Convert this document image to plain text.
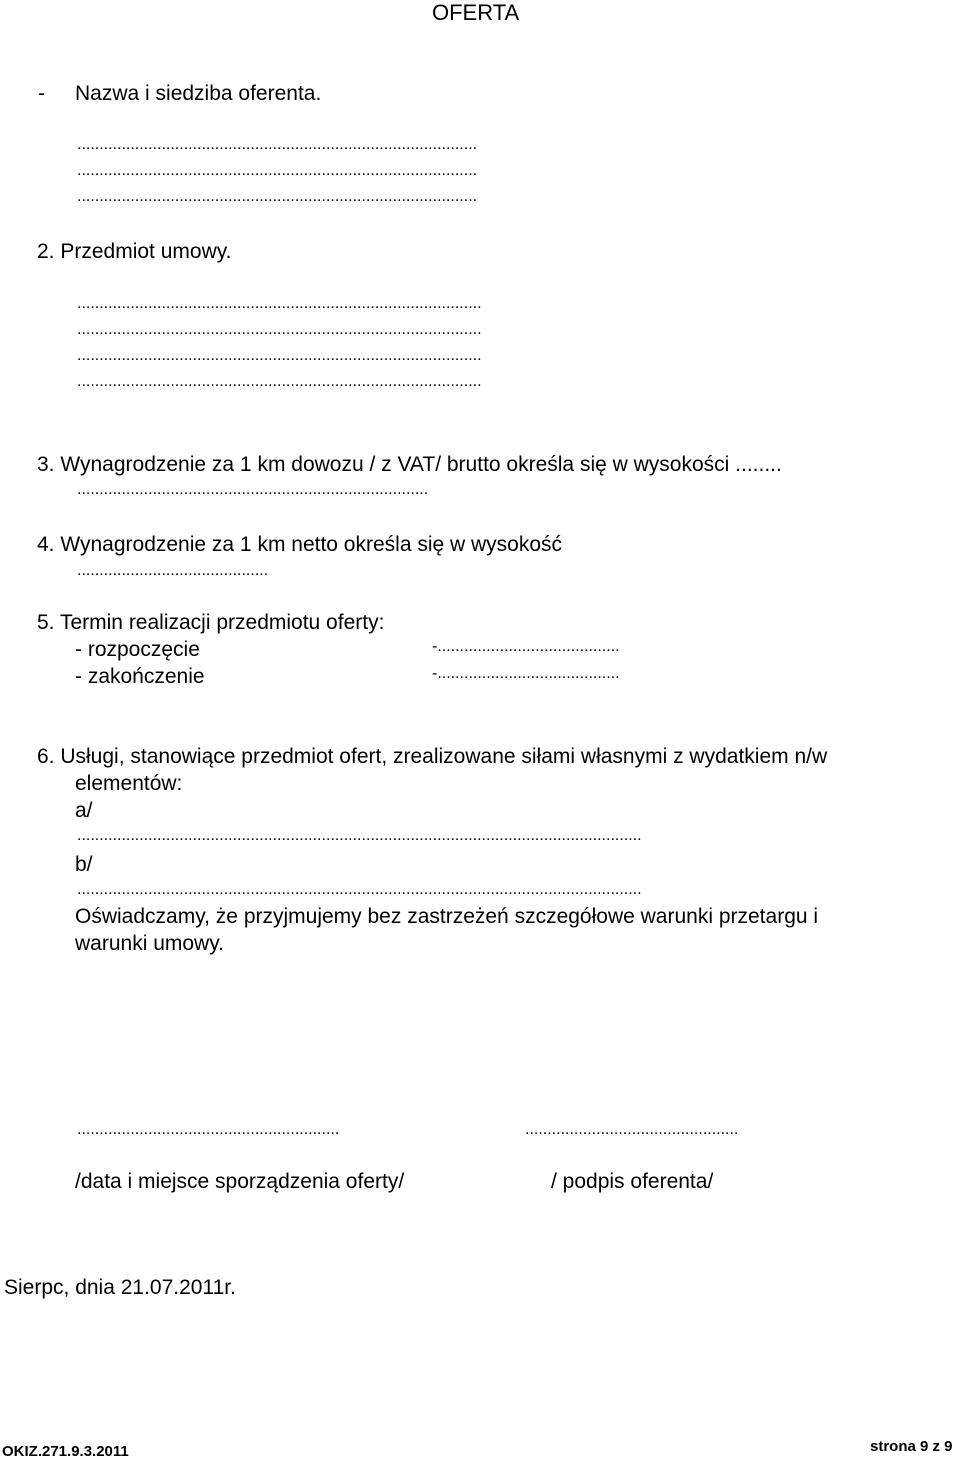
OFERTA
- Nazwa i siedziba oferenta.
..........................................................................................
..........................................................................................
..........................................................................................
2. Przedmiot umowy.
...........................................................................................
...........................................................................................
...........................................................................................
...........................................................................................
3. Wynagrodzenie za 1 km dowozu / z VAT/ brutto określa się w wysokości ........
...............................................................................
4. Wynagrodzenie za 1 km netto określa się w wysokość
...........................................
5. Termin realizacji przedmiotu oferty:
- rozpoczęcie	-.........................................
- zakończenie	-.........................................
6. Usługi, stanowiące przedmiot ofert, zrealizowane siłami własnymi z wydatkiem n/w
elementów:
a/
...............................................................................................................................
b/
...............................................................................................................................
Oświadczamy, że przyjmujemy bez zastrzeżeń szczegółowe warunki przetargu i
warunki umowy.
...........................................................	................................................
/data i miejsce sporządzenia oferty/	/ podpis oferenta/
Sierpc, dnia 21.07.2011r.
OKIZ.271.9.3.2011	strona 9 z 9
